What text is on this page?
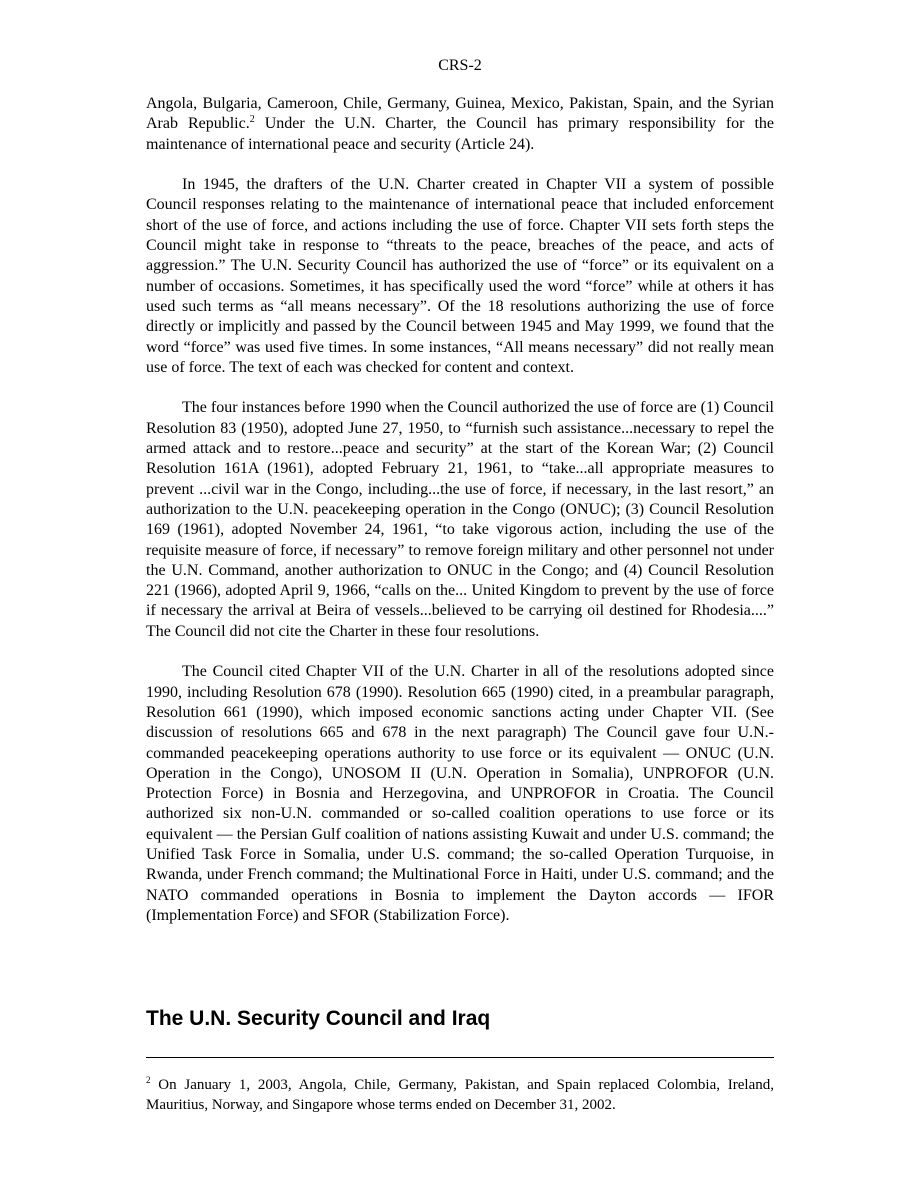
CRS-2

Angola, Bulgaria, Cameroon, Chile, Germany, Guinea, Mexico, Pakistan, Spain, and the Syrian Arab Republic.$^2$ Under the U.N. Charter, the Council has primary responsibility for the maintenance of international peace and security (Article 24).

In 1945, the drafters of the U.N. Charter created in Chapter VII a system of possible Council responses relating to the maintenance of international peace that included enforcement short of the use of force, and actions including the use of force. Chapter VII sets forth steps the Council might take in response to “threats to the peace, breaches of the peace, and acts of aggression.” The U.N. Security Council has authorized the use of “force” or its equivalent on a number of occasions. Sometimes, it has specifically used the word “force” while at others it has used such terms as “all means necessary”. Of the 18 resolutions authorizing the use of force directly or implicitly and passed by the Council between 1945 and May 1999, we found that the word “force” was used five times. In some instances, “All means necessary” did not really mean use of force. The text of each was checked for content and context.

The four instances before 1990 when the Council authorized the use of force are (1) Council Resolution 83 (1950), adopted June 27, 1950, to “furnish such assistance...necessary to repel the armed attack and to restore...peace and security” at the start of the Korean War; (2) Council Resolution 161A (1961), adopted February 21, 1961, to “take...all appropriate measures to prevent ...civil war in the Congo, including...the use of force, if necessary, in the last resort,” an authorization to the U.N. peacekeeping operation in the Congo (ONUC); (3) Council Resolution 169 (1961), adopted November 24, 1961, “to take vigorous action, including the use of the requisite measure of force, if necessary” to remove foreign military and other personnel not under the U.N. Command, another authorization to ONUC in the Congo; and (4) Council Resolution 221 (1966), adopted April 9, 1966, “calls on the... United Kingdom to prevent by the use of force if necessary the arrival at Beira of vessels...believed to be carrying oil destined for Rhodesia....” The Council did not cite the Charter in these four resolutions.

The Council cited Chapter VII of the U.N. Charter in all of the resolutions adopted since 1990, including Resolution 678 (1990). Resolution 665 (1990) cited, in a preambular paragraph, Resolution 661 (1990), which imposed economic sanctions acting under Chapter VII. (See discussion of resolutions 665 and 678 in the next paragraph) The Council gave four U.N.-commanded peacekeeping operations authority to use force or its equivalent — ONUC (U.N. Operation in the Congo), UNOSOM II (U.N. Operation in Somalia), UNPROFOR (U.N. Protection Force) in Bosnia and Herzegovina, and UNPROFOR in Croatia. The Council authorized six non-U.N. commanded or so-called coalition operations to use force or its equivalent — the Persian Gulf coalition of nations assisting Kuwait and under U.S. command; the Unified Task Force in Somalia, under U.S. command; the so-called Operation Turquoise, in Rwanda, under French command; the Multinational Force in Haiti, under U.S. command; and the NATO commanded operations in Bosnia to implement the Dayton accords — IFOR (Implementation Force) and SFOR (Stabilization Force).

The U.N. Security Council and Iraq
$^2$ On January 1, 2003, Angola, Chile, Germany, Pakistan, and Spain replaced Colombia, Ireland, Mauritius, Norway, and Singapore whose terms ended on December 31, 2002.
